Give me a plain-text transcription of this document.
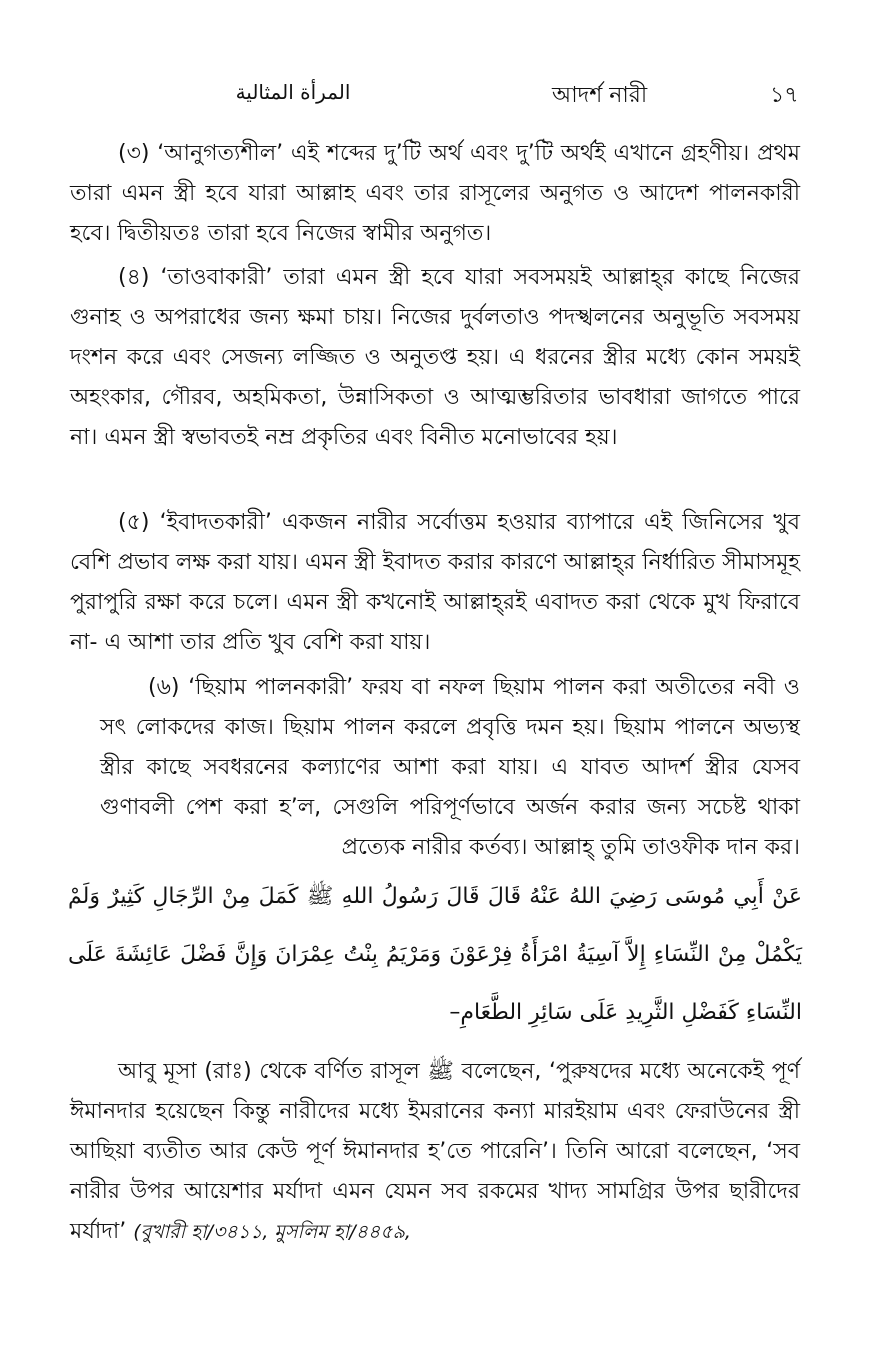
المرأة المثالية	আদর্শ নারী	১৭

(৩) ‘আনুগত্যশীল’ এই শব্দের দু’টি অর্থ এবং দু’টি অর্থই এখানে গ্রহণীয়। প্রথম তারা এমন স্ত্রী হবে যারা আল্লাহ এবং তার রাসূলের অনুগত ও আদেশ পালনকারী হবে। দ্বিতীয়তঃ তারা হবে নিজের স্বামীর অনুগত।

(৪) ‘তাওবাকারী’ তারা এমন স্ত্রী হবে যারা সবসময়ই আল্লাহ্‌র কাছে নিজের গুনাহ ও অপরাধের জন্য ক্ষমা চায়। নিজের দুর্বলতাও পদস্খলনের অনুভূতি সবসময় দংশন করে এবং সেজন্য লজ্জিত ও অনুতপ্ত হয়। এ ধরনের স্ত্রীর মধ্যে কোন সময়ই অহংকার, গৌরব, অহমিকতা, উন্নাসিকতা ও আত্মম্ভরিতার ভাবধারা জাগতে পারে না। এমন স্ত্রী স্বভাবতই নম্র প্রকৃতির এবং বিনীত মনোভাবের হয়।

(৫) ‘ইবাদতকারী’ একজন নারীর সর্বোত্তম হওয়ার ব্যাপারে এই জিনিসের খুব বেশি প্রভাব লক্ষ করা যায়। এমন স্ত্রী ইবাদত করার কারণে আল্লাহ্‌র নির্ধারিত সীমাসমূহ পুরাপুরি রক্ষা করে চলে। এমন স্ত্রী কখনোই আল্লাহ্‌রই এবাদত করা থেকে মুখ ফিরাবে না- এ আশা তার প্রতি খুব বেশি করা যায়।

(৬) ‘ছিয়াম পালনকারী’ ফরয বা নফল ছিয়াম পালন করা অতীতের নবী ও সৎ লোকদের কাজ। ছিয়াম পালন করলে প্রবৃত্তি দমন হয়। ছিয়াম পালনে অভ্যস্থ স্ত্রীর কাছে সবধরনের কল্যাণের আশা করা যায়। এ যাবত আদর্শ স্ত্রীর যেসব গুণাবলী পেশ করা হ’ল, সেগুলি পরিপূর্ণভাবে অর্জন করার জন্য সচেষ্ট থাকা প্রত্যেক নারীর কর্তব্য। আল্লাহ্ তুমি তাওফীক দান কর।

عَنْ أَبِي مُوسَى رَضِيَ اللهُ عَنْهُ قَالَ قَالَ رَسُولُ اللهِ ﷺ كَمَلَ مِنْ الرِّجَالِ كَثِيرٌ وَلَمْ يَكْمُلْ مِنْ النِّسَاءِ إِلاَّ آسِيَةُ امْرَأَةُ فِرْعَوْنَ وَمَرْيَمُ بِنْتُ عِمْرَانَ وَإِنَّ فَضْلَ عَائِشَةَ عَلَى النِّسَاءِ كَفَضْلِ الثَّرِيدِ عَلَى سَائِرِ الطَّعَامِ–

আবু মূসা (রাঃ) থেকে বর্ণিত রাসূল ﷺ বলেছেন, ‘পুরুষদের মধ্যে অনেকেই পূর্ণ ঈমানদার হয়েছেন কিন্তু নারীদের মধ্যে ইমরানের কন্যা মারইয়াম এবং ফেরাউনের স্ত্রী আছিয়া ব্যতীত আর কেউ পূর্ণ ঈমানদার হ’তে পারেনি’। তিনি আরো বলেছেন, ‘সব নারীর উপর আয়েশার মর্যাদা এমন যেমন সব রকমের খাদ্য সামগ্রির উপর ছারীদের মর্যাদা’ (বুখারী হা/৩৪১১, মুসলিম হা/৪৪৫৯,
